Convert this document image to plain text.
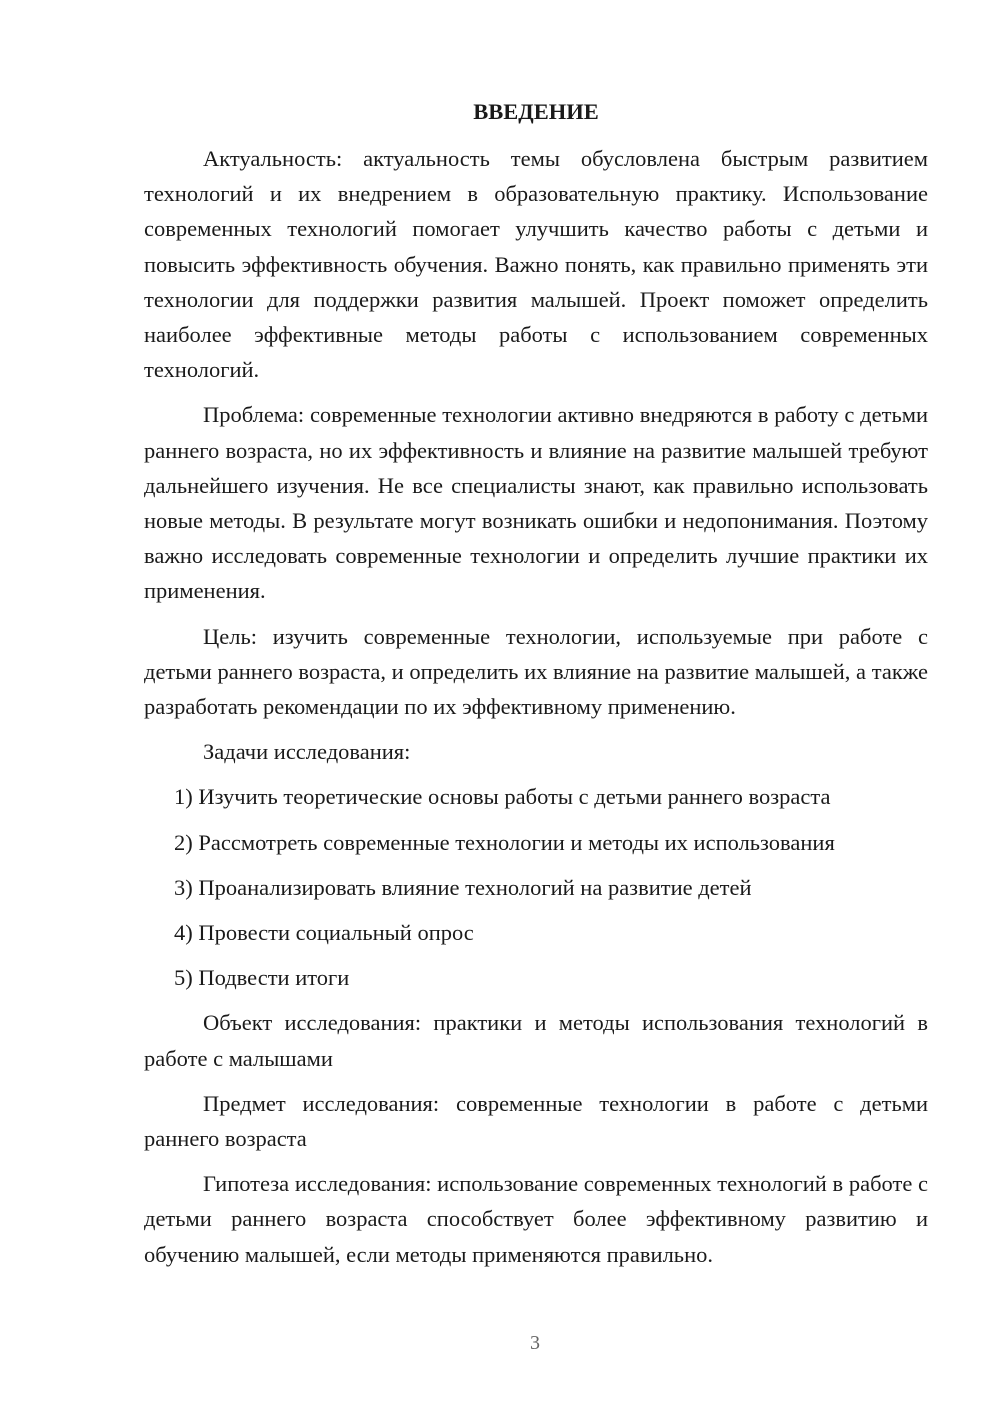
ВВЕДЕНИЕ

Актуальность: актуальность темы обусловлена быстрым развитием технологий и их внедрением в образовательную практику. Использование современных технологий помогает улучшить качество работы с детьми и повысить эффективность обучения. Важно понять, как правильно применять эти технологии для поддержки развития малышей. Проект поможет определить наиболее эффективные методы работы с использованием современных технологий.

Проблема: современные технологии активно внедряются в работу с детьми раннего возраста, но их эффективность и влияние на развитие малышей требуют дальнейшего изучения. Не все специалисты знают, как правильно использовать новые методы. В результате могут возникать ошибки и недопонимания. Поэтому важно исследовать современные технологии и определить лучшие практики их применения.

Цель: изучить современные технологии, используемые при работе с детьми раннего возраста, и определить их влияние на развитие малышей, а также разработать рекомендации по их эффективному применению.

Задачи исследования:

1) Изучить теоретические основы работы с детьми раннего возраста
2) Рассмотреть современные технологии и методы их использования
3) Проанализировать влияние технологий на развитие детей
4) Провести социальный опрос
5) Подвести итоги

Объект исследования: практики и методы использования технологий в работе с малышами

Предмет исследования: современные технологии в работе с детьми раннего возраста

Гипотеза исследования: использование современных технологий в работе с детьми раннего возраста способствует более эффективному развитию и обучению малышей, если методы применяются правильно.

3
